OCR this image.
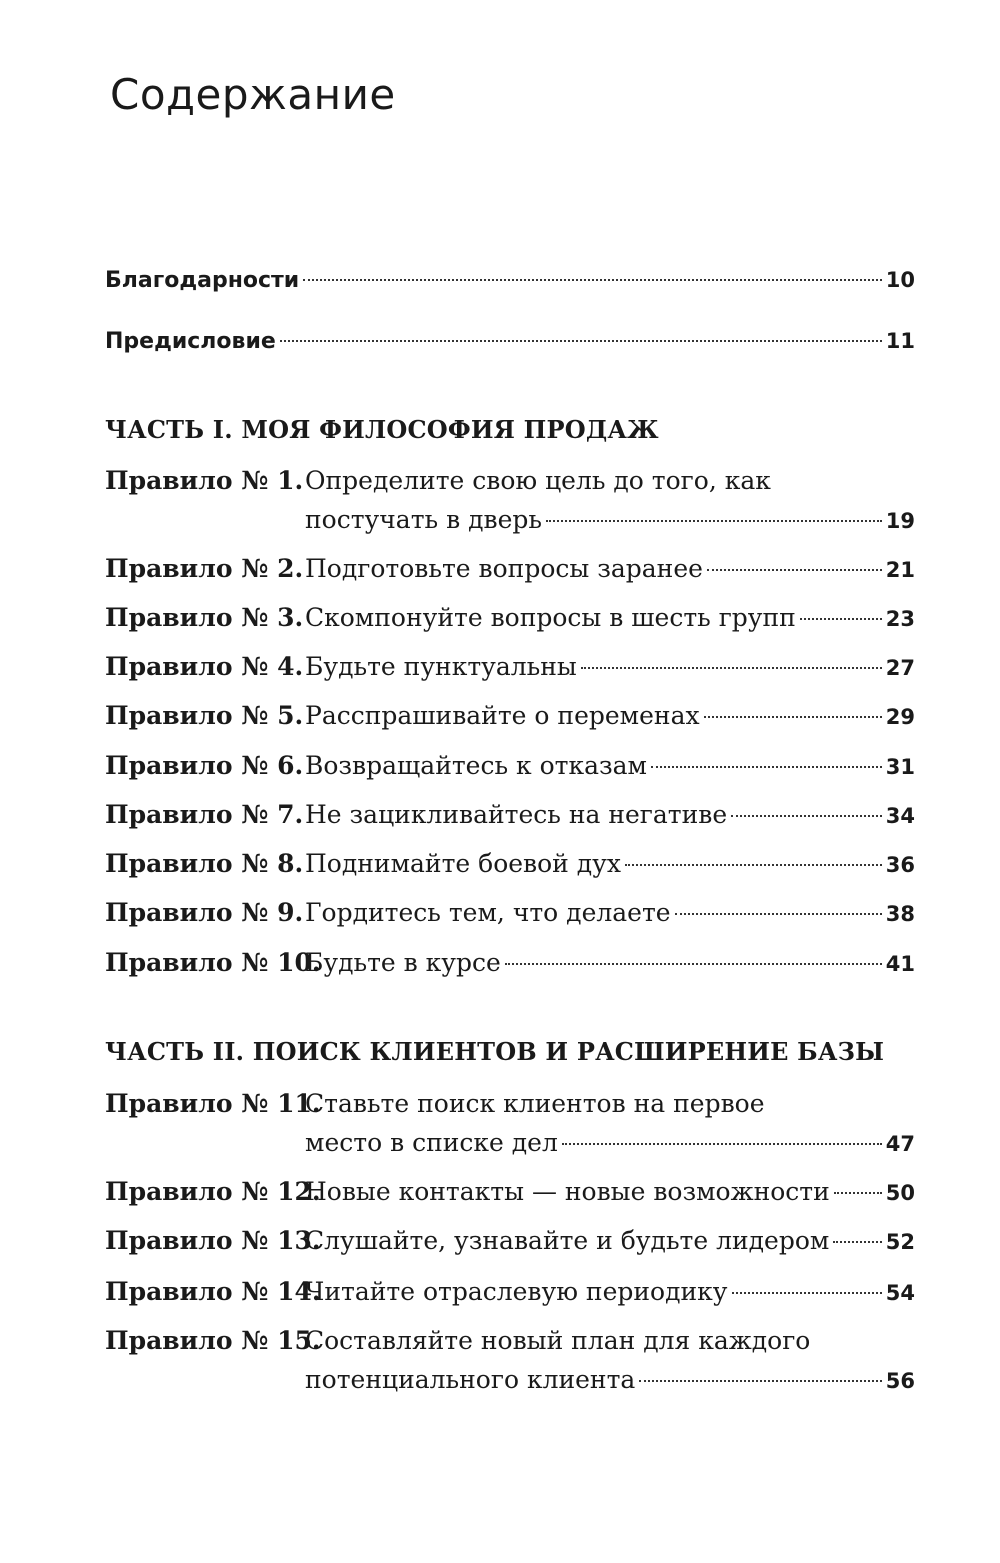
Содержание
Благодарности	10
Предисловие	11
ЧАСТЬ I. МОЯ ФИЛОСОФИЯ ПРОДАЖ
Правило № 1. Определите свою цель до того, как
постучать в дверь	19
Правило № 2. Подготовьте вопросы заранее	21
Правило № 3. Скомпонуйте вопросы в шесть групп	23
Правило № 4. Будьте пунктуальны	27
Правило № 5. Расспрашивайте о переменах	29
Правило № 6. Возвращайтесь к отказам	31
Правило № 7. Не зацикливайтесь на негативе	34
Правило № 8. Поднимайте боевой дух	36
Правило № 9. Гордитесь тем, что делаете	38
Правило № 10.
Будьте в курсе	41
ЧАСТЬ II. ПОИСК КЛИЕНТОВ И РАСШИРЕНИЕ БАЗЫ
Правило № 11.
Ставьте поиск клиентов на первое
место в списке дел	47
Правило № 12.
Новые контакты — новые возможности	50
Правило № 13.
Слушайте, узнавайте и будьте лидером	52
Правило № 14.
Читайте отраслевую периодику	54
Правило № 15.
Составляйте новый план для каждого
потенциального клиента	56
